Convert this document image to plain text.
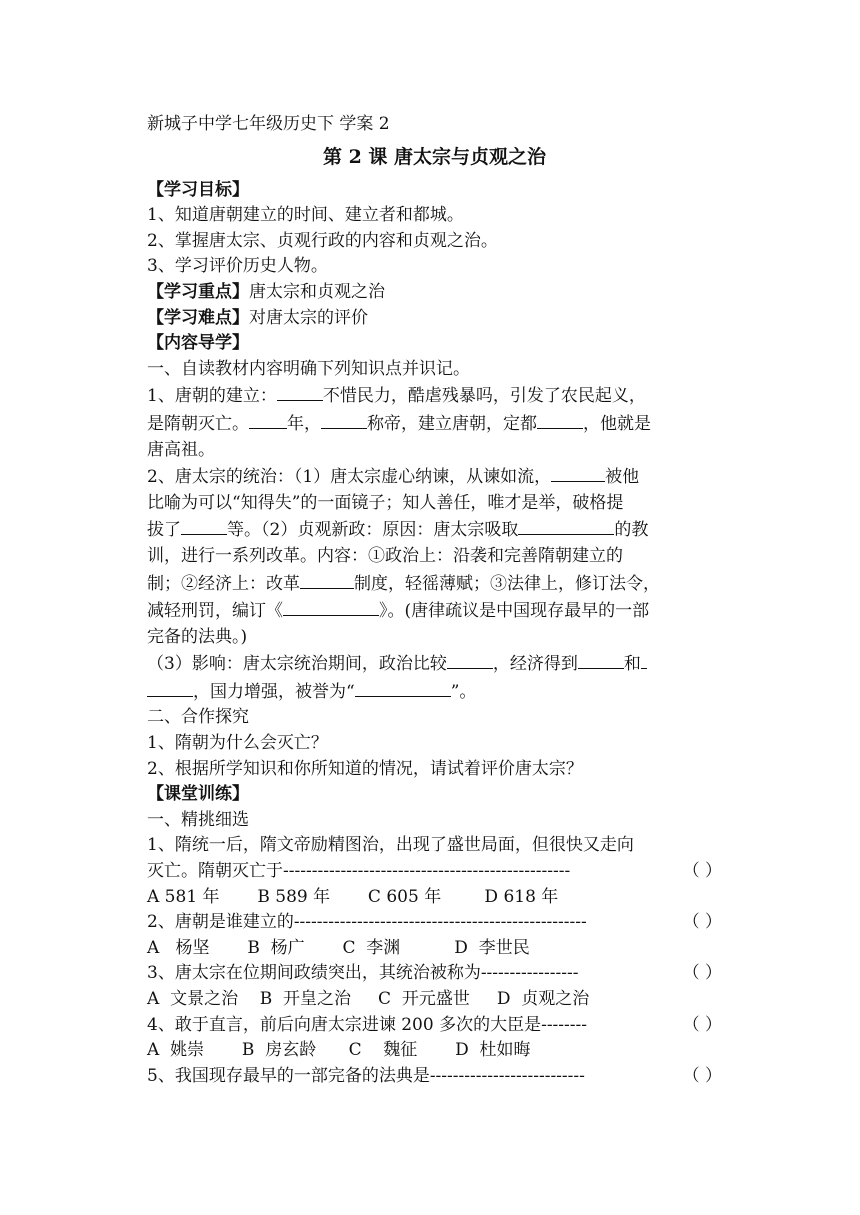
新城子中学七年级历史下 学案 2
第 2 课 唐太宗与贞观之治
【学习目标】
1、知道唐朝建立的时间、建立者和都城。
2、掌握唐太宗、贞观行政的内容和贞观之治。
3、学习评价历史人物。
【学习重点】唐太宗和贞观之治
【学习难点】对唐太宗的评价
【内容导学】
一、自读教材内容明确下列知识点并识记。
1、唐朝的建立：	不惜民力，酷虐残暴吗，引发了农民起义，
是隋朝灭亡。 年，	称帝，建立唐朝，定都	，他就是
唐高祖。
2、唐太宗的统治：（1）唐太宗虚心纳谏，从谏如流，	被他
比喻为可以“知得失”的一面镜子；知人善任，唯才是举，破格提
拔了	等。（2）贞观新政：原因：唐太宗吸取	的教
训，进行一系列改革。内容：①政治上：沿袭和完善隋朝建立的
制；②经济上：改革	制度，轻徭薄赋；③法律上，修订法令，
减轻刑罚，编订《	》。(唐律疏议是中国现存最早的一部
完备的法典。)
（3）影响：唐太宗统治期间，政治比较	，经济得到	和
，国力增强，被誉为“	”。
二、合作探究
1、隋朝为什么会灭亡？
2、根据所学知识和你所知道的情况，请试着评价唐太宗？
【课堂训练】
一、精挑细选
1、隋统一后，隋文帝励精图治，出现了盛世局面，但很快又走向
灭亡。隋朝灭亡于--------------------------------------------------	（ ）
A 581 年       B 589 年       C 605 年        D 618 年
2、唐朝是谁建立的---------------------------------------------------	（ ）
A   杨坚       B  杨广       C  李渊          D  李世民
3、唐太宗在位期间政绩突出，其统治被称为-----------------	（ ）
A  文景之治    B  开皇之治     C  开元盛世     D  贞观之治
4、敢于直言，前后向唐太宗进谏 200 多次的大臣是--------	（ ）
A  姚崇       B  房玄龄      C    魏征       D  杜如晦
5、我国现存最早的一部完备的法典是---------------------------	（ ）
